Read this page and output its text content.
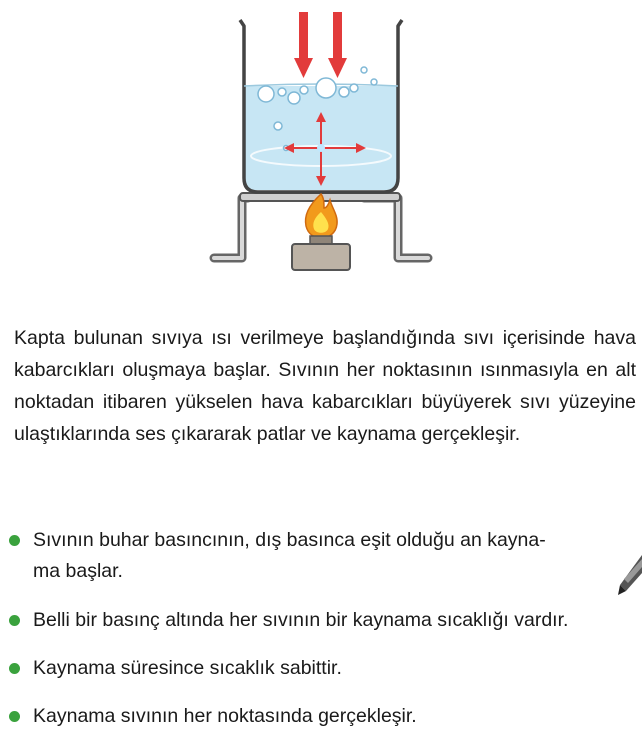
Kapta bulunan sıvıya ısı verilmeye başlandığında sıvı içerisinde hava kabarcıkları oluşmaya başlar. Sıvının her noktasının ısınmasıyla en alt noktadan itibaren yükselen hava kabarcıkları büyüyerek sıvı yüzeyine ulaştıklarında ses çıkararak patlar ve kaynama gerçekleşir.

Sıvının buhar basıncının, dış basınca eşit olduğu an kayna-
ma başlar.
Belli bir basınç altında her sıvının bir kaynama sıcaklığı vardır.
Kaynama süresince sıcaklık sabittir.
Kaynama sıvının her noktasında gerçekleşir.
